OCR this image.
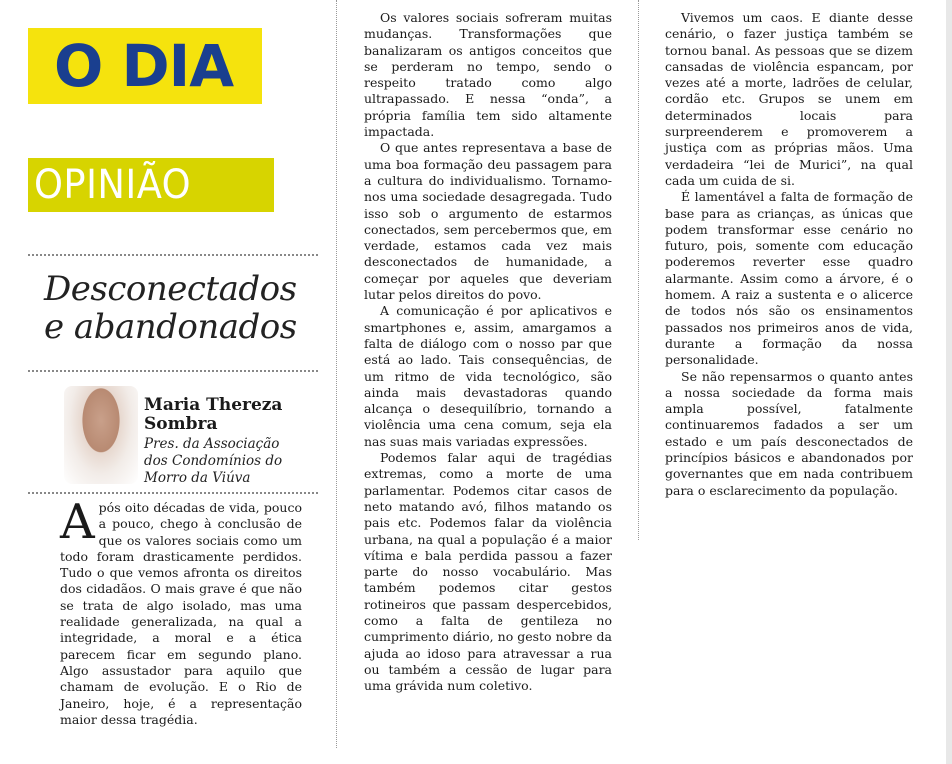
O DIA
OPINIÃO
Desconectados e abandonados
Maria Thereza Sombra
Pres. da Associação dos Condomínios do Morro da Viúva

Após oito décadas de vida, pouco a pouco, chego à conclusão de que os valores sociais como um todo foram drasticamente perdidos. Tudo o que vemos afronta os direitos dos cidadãos. O mais grave é que não se trata de algo isolado, mas uma realidade generalizada, na qual a integridade, a moral e a ética parecem ficar em segundo plano. Algo assustador para aquilo que chamam de evolução. E o Rio de Janeiro, hoje, é a representação maior dessa tragédia.

Os valores sociais sofreram muitas mudanças. Transformações que banalizaram os antigos conceitos que se perderam no tempo, sendo o respeito tratado como algo ultrapassado. E nessa “onda”, a própria família tem sido altamente impactada.

O que antes representava a base de uma boa formação deu passagem para a cultura do individualismo. Tornamo-nos uma sociedade desagregada. Tudo isso sob o argumento de estarmos conectados, sem percebermos que, em verdade, estamos cada vez mais desconectados de humanidade, a começar por aqueles que deveriam lutar pelos direitos do povo.

A comunicação é por aplicativos e smartphones e, assim, amargamos a falta de diálogo com o nosso par que está ao lado. Tais consequências, de um ritmo de vida tecnológico, são ainda mais devastadoras quando alcança o desequilíbrio, tornando a violência uma cena comum, seja ela nas suas mais variadas expressões.

Podemos falar aqui de tragédias extremas, como a morte de uma parlamentar. Podemos citar casos de neto matando avó, filhos matando os pais etc. Podemos falar da violência urbana, na qual a população é a maior vítima e bala perdida passou a fazer parte do nosso vocabulário. Mas também podemos citar gestos rotineiros que passam despercebidos, como a falta de gentileza no cumprimento diário, no gesto nobre da ajuda ao idoso para atravessar a rua ou também a cessão de lugar para uma grávida num coletivo.

Vivemos um caos. E diante desse cenário, o fazer justiça também se tornou banal. As pessoas que se dizem cansadas de violência espancam, por vezes até a morte, ladrões de celular, cordão etc. Grupos se unem em determinados locais para surpreenderem e promoverem a justiça com as próprias mãos. Uma verdadeira “lei de Murici”, na qual cada um cuida de si.

É lamentável a falta de formação de base para as crianças, as únicas que podem transformar esse cenário no futuro, pois, somente com educação poderemos reverter esse quadro alarmante. Assim como a árvore, é o homem. A raiz a sustenta e o alicerce de todos nós são os ensinamentos passados nos primeiros anos de vida, durante a formação da nossa personalidade.

Se não repensarmos o quanto antes a nossa sociedade da forma mais ampla possível, fatalmente continuaremos fadados a ser um estado e um país desconectados de princípios básicos e abandonados por governantes que em nada contribuem para o esclarecimento da população.
